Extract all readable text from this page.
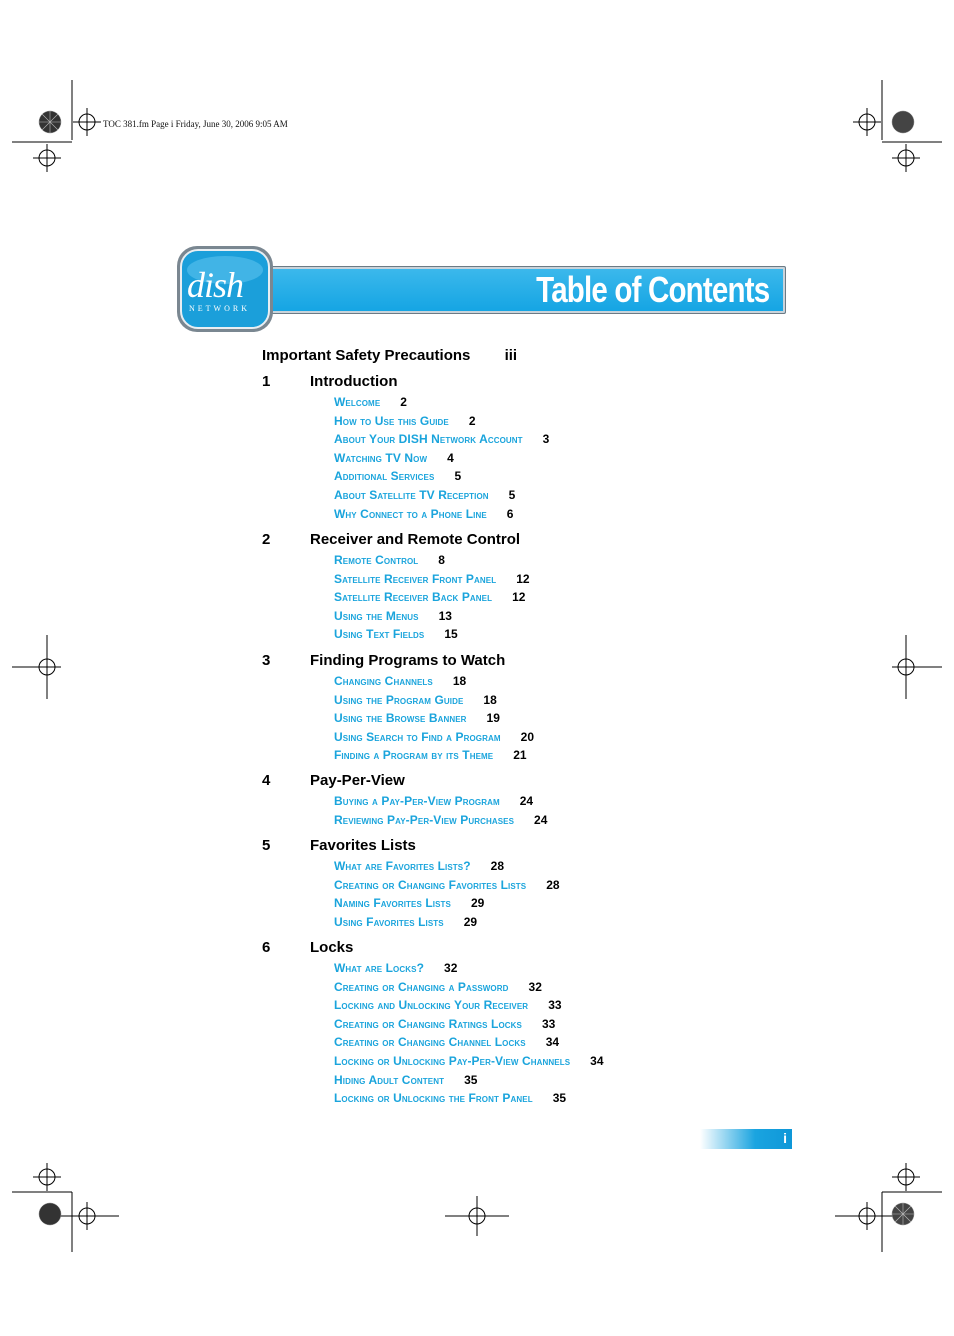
TOC 381.fm Page i Friday, June 30, 2006 9:05 AM
Table of Contents
dish
NETWORK
Important Safety Precautions iii
1	Introduction
Welcome 2
How to Use this Guide 2
About Your DISH Network Account 3
Watching TV Now 4
Additional Services 5
About Satellite TV Reception 5
Why Connect to a Phone Line 6
2	Receiver and Remote Control
Remote Control 8
Satellite Receiver Front Panel 12
Satellite Receiver Back Panel 12
Using the Menus 13
Using Text Fields 15
3	Finding Programs to Watch
Changing Channels 18
Using the Program Guide 18
Using the Browse Banner 19
Using Search to Find a Program 20
Finding a Program by its Theme 21
4	Pay-Per-View
Buying a Pay-Per-View Program 24
Reviewing Pay-Per-View Purchases 24
5	Favorites Lists
What are Favorites Lists? 28
Creating or Changing Favorites Lists 28
Naming Favorites Lists 29
Using Favorites Lists 29
6	Locks
What are Locks? 32
Creating or Changing a Password 32
Locking and Unlocking Your Receiver 33
Creating or Changing Ratings Locks 33
Creating or Changing Channel Locks 34
Locking or Unlocking Pay-Per-View Channels 34
Hiding Adult Content 35
Locking or Unlocking the Front Panel 35
i
